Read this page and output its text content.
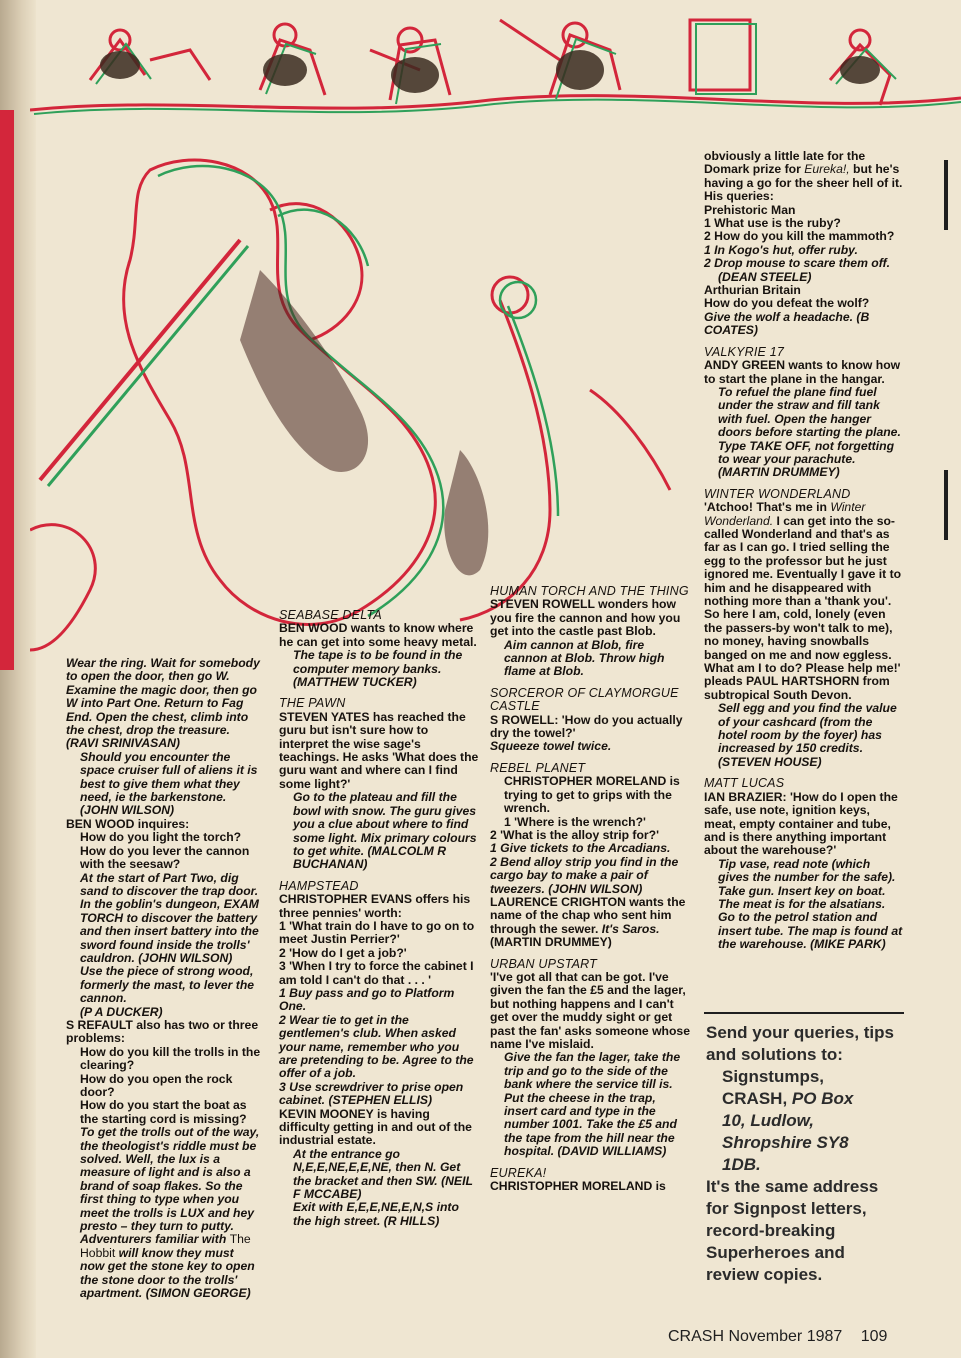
Wear the ring. Wait for somebody to open the door, then go W. Examine the magic door, then go W into Part One. Return to Fag End. Open the chest, climb into the chest, drop the treasure. (RAVI SRINIVASAN)

Should you encounter the space cruiser full of aliens it is best to give them what they need, ie the barkenstone. (JOHN WILSON)

BEN WOOD inquires:

How do you light the torch?

How do you lever the cannon with the seesaw?

At the start of Part Two, dig sand to discover the trap door. In the goblin's dungeon, EXAM TORCH to discover the battery and then insert battery into the sword found inside the trolls' cauldron. (JOHN WILSON)

Use the piece of strong wood, formerly the mast, to lever the cannon.

(P A DUCKER)

S REFAULT also has two or three problems:

How do you kill the trolls in the clearing?

How do you open the rock door?

How do you start the boat as the starting cord is missing?

To get the trolls out of the way, the theologist's riddle must be solved. Well, the lux is a measure of light and is also a brand of soap flakes. So the first thing to type when you meet the trolls is LUX and hey presto – they turn to putty. Adventurers familiar with The Hobbit will know they must now get the stone key to open the stone door to the trolls' apartment. (SIMON GEORGE)

SEABASE DELTA

BEN WOOD wants to know where he can get into some heavy metal.

The tape is to be found in the computer memory banks. (MATTHEW TUCKER)

THE PAWN

STEVEN YATES has reached the guru but isn't sure how to interpret the wise sage's teachings. He asks 'What does the guru want and where can I find some light?'

Go to the plateau and fill the bowl with snow. The guru gives you a clue about where to find some light. Mix primary colours to get white. (MALCOLM R BUCHANAN)

HAMPSTEAD

CHRISTOPHER EVANS offers his three pennies' worth:

1 'What train do I have to go on to meet Justin Perrier?'

2 'How do I get a job?'

3 'When I try to force the cabinet I am told I can't do that . . . '

1 Buy pass and go to Platform One.

2 Wear tie to get in the gentlemen's club. When asked your name, remember who you are pretending to be. Agree to the offer of a job.

3 Use screwdriver to prise open cabinet. (STEPHEN ELLIS)

KEVIN MOONEY is having difficulty getting in and out of the industrial estate.

At the entrance go N,E,E,NE,E,E,NE, then N. Get the bracket and then SW. (NEIL F MCCABE)

Exit with E,E,E,NE,E,N,S into the high street. (R HILLS)

HUMAN TORCH AND THE THING

STEVEN ROWELL wonders how you fire the cannon and how you get into the castle past Blob.

Aim cannon at Blob, fire cannon at Blob. Throw high flame at Blob.

SORCEROR OF CLAYMORGUE CASTLE

S ROWELL: 'How do you actually dry the towel?'

Squeeze towel twice.

REBEL PLANET

CHRISTOPHER MORELAND is trying to get to grips with the wrench.

1 'Where is the wrench?'

2 'What is the alloy strip for?'

1 Give tickets to the Arcadians.

2 Bend alloy strip you find in the cargo bay to make a pair of tweezers. (JOHN WILSON)

LAURENCE CRIGHTON wants the name of the chap who sent him through the sewer. It's Saros.

(MARTIN DRUMMEY)

URBAN UPSTART

'I've got all that can be got. I've given the fan the £5 and the lager, but nothing happens and I can't get over the muddy sight or get past the fan' asks someone whose name I've mislaid.

Give the fan the lager, take the trip and go to the side of the bank where the service till is. Put the cheese in the trap, insert card and type in the number 1001. Take the £5 and the tape from the hill near the hospital. (DAVID WILLIAMS)

EUREKA!

CHRISTOPHER MORELAND is

obviously a little late for the Domark prize for Eureka!, but he's having a go for the sheer hell of it. His queries:

Prehistoric Man

1 What use is the ruby?

2 How do you kill the mammoth?

1 In Kogo's hut, offer ruby.

2 Drop mouse to scare them off.

(DEAN STEELE)

Arthurian Britain

How do you defeat the wolf?

Give the wolf a headache. (B COATES)

VALKYRIE 17

ANDY GREEN wants to know how to start the plane in the hangar.

To refuel the plane find fuel under the straw and fill tank with fuel. Open the hanger doors before starting the plane. Type TAKE OFF, not forgetting to wear your parachute. (MARTIN DRUMMEY)

WINTER WONDERLAND

'Atchoo! That's me in Winter Wonderland. I can get into the so-called Wonderland and that's as far as I can go. I tried selling the egg to the professor but he just ignored me. Eventually I gave it to him and he disappeared with nothing more than a 'thank you'. So here I am, cold, lonely (even the passers-by won't talk to me), no money, having snowballs banged on me and now eggless. What am I to do? Please help me!' pleads PAUL HARTSHORN from subtropical South Devon.

Sell egg and you find the value of your cashcard (from the hotel room by the foyer) has increased by 150 credits. (STEVEN HOUSE)

MATT LUCAS

IAN BRAZIER: 'How do I open the safe, use note, ignition keys, meat, empty container and tube, and is there anything important about the warehouse?'

Tip vase, read note (which gives the number for the safe). Take gun. Insert key on boat. The meat is for the alsatians. Go to the petrol station and insert tube. The map is found at the warehouse. (MIKE PARK)

Send your queries, tips

and solutions to:

Signstumps,

CRASH, PO Box

10, Ludlow,

Shropshire SY8

1DB.

It's the same address

for Signpost letters,

record-breaking

Superheroes and

review copies.

CRASH November 1987 109
